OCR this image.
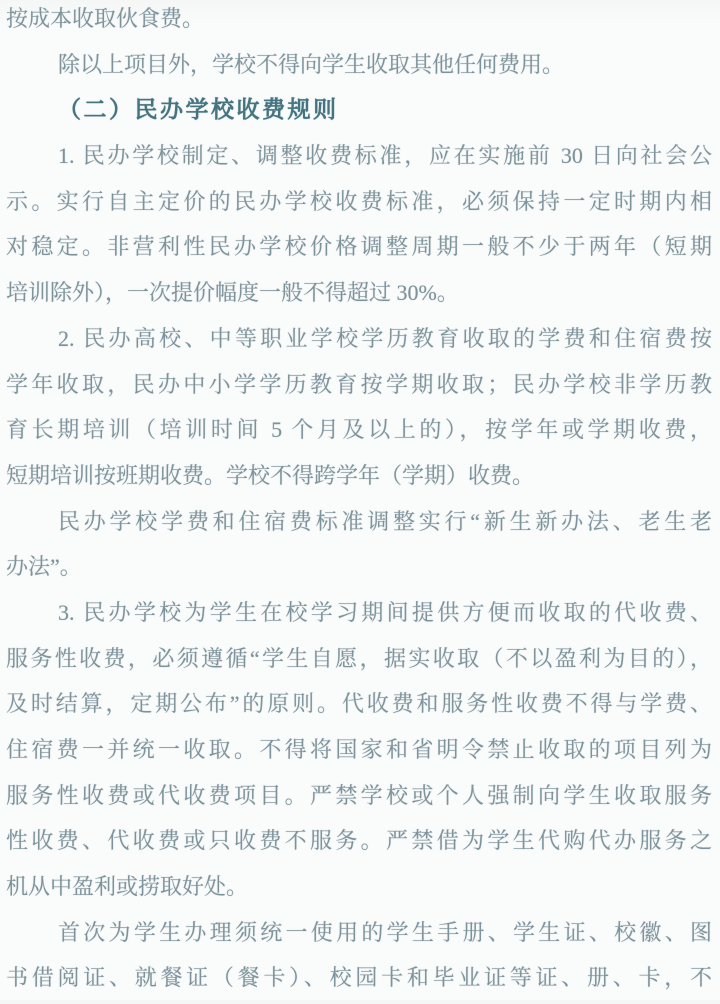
按成本收取伙食费。
除以上项目外，学校不得向学生收取其他任何费用。
（二）民办学校收费规则
1. 民办学校制定、调整收费标准，应在实施前 30 日向社会公
示。实行自主定价的民办学校收费标准，必须保持一定时期内相
对稳定。非营利性民办学校价格调整周期一般不少于两年（短期
培训除外），一次提价幅度一般不得超过 30%。
2. 民办高校、中等职业学校学历教育收取的学费和住宿费按
学年收取，民办中小学学历教育按学期收取；民办学校非学历教
育长期培训（培训时间 5 个月及以上的），按学年或学期收费，
短期培训按班期收费。学校不得跨学年（学期）收费。
民办学校学费和住宿费标准调整实行“新生新办法、老生老
办法”。
3. 民办学校为学生在校学习期间提供方便而收取的代收费、
服务性收费，必须遵循“学生自愿，据实收取（不以盈利为目的），
及时结算，定期公布”的原则。代收费和服务性收费不得与学费、
住宿费一并统一收取。不得将国家和省明令禁止收取的项目列为
服务性收费或代收费项目。严禁学校或个人强制向学生收取服务
性收费、代收费或只收费不服务。严禁借为学生代购代办服务之
机从中盈利或捞取好处。
首次为学生办理须统一使用的学生手册、学生证、校徽、图
书借阅证、就餐证（餐卡）、校园卡和毕业证等证、册、卡，不
